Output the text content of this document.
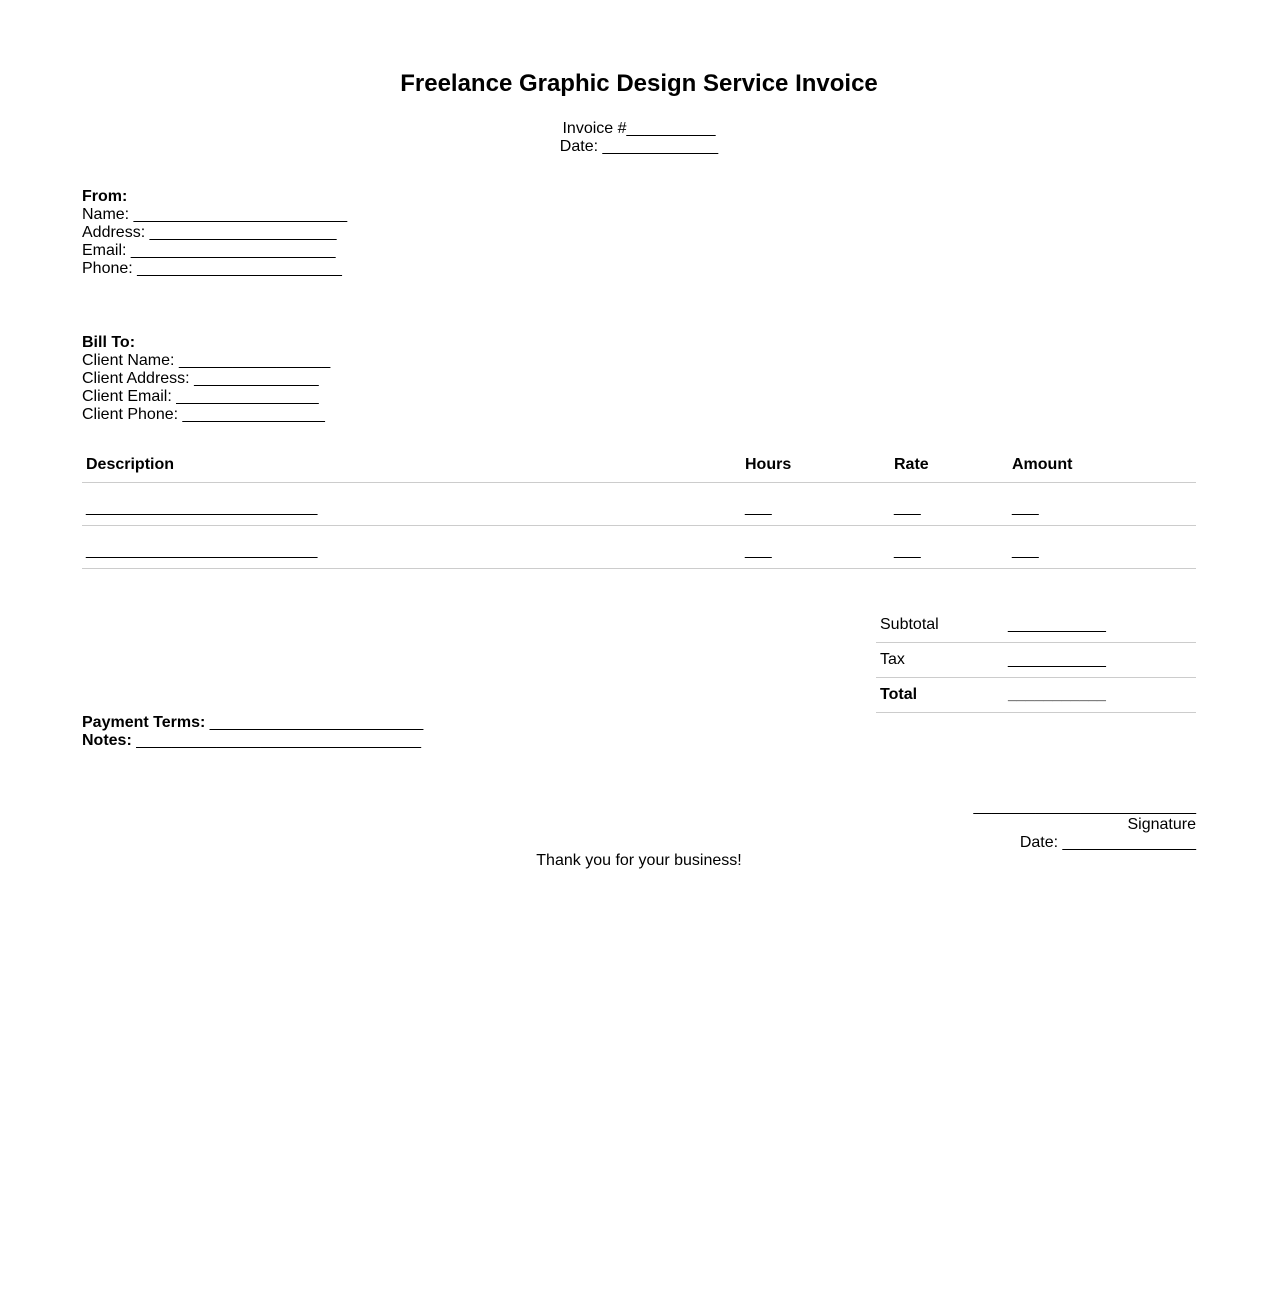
Freelance Graphic Design Service Invoice
Invoice #__________
Date: _____________
From:
Name: ________________________
Address: _____________________
Email: _______________________
Phone: _______________________
Bill To:
Client Name: _________________
Client Address: ______________
Client Email: ________________
Client Phone: ________________
Description	Hours	Rate	Amount
__________________________	___	___	___
__________________________	___	___	___
Subtotal	___________
Tax	___________
Total	___________
Payment Terms: ________________________
Notes: ________________________________
_________________________
Signature
Date: _______________
Thank you for your business!
